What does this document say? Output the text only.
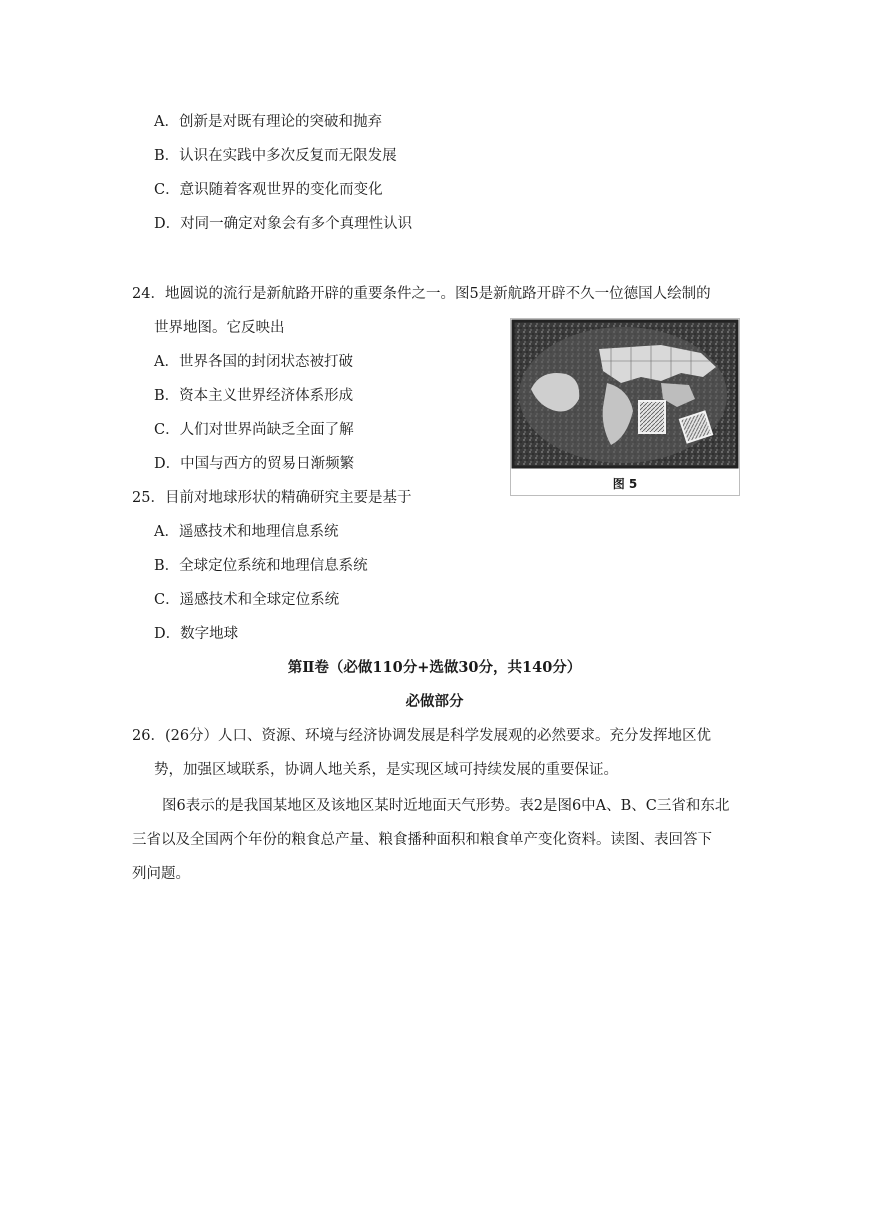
A．创新是对既有理论的突破和抛弃
B．认识在实践中多次反复而无限发展
C．意识随着客观世界的变化而变化
D．对同一确定对象会有多个真理性认识
24．地圆说的流行是新航路开辟的重要条件之一。图5是新航路开辟不久一位德国人绘制的
世界地图。它反映出
A．世界各国的封闭状态被打破
B．资本主义世界经济体系形成
C．人们对世界尚缺乏全面了解
D．中国与西方的贸易日渐频繁
图 5
25．目前对地球形状的精确研究主要是基于
A．遥感技术和地理信息系统
B．全球定位系统和地理信息系统
C．遥感技术和全球定位系统
D．数字地球
第Ⅱ卷（必做110分+选做30分，共140分）
必做部分
26．(26分）人口、资源、环境与经济协调发展是科学发展观的必然要求。充分发挥地区优
势，加强区域联系，协调人地关系，是实现区域可持续发展的重要保证。
图6表示的是我国某地区及该地区某时近地面天气形势。表2是图6中A、B、C三省和东北
三省以及全国两个年份的粮食总产量、粮食播种面积和粮食单产变化资料。读图、表回答下
列问题。
